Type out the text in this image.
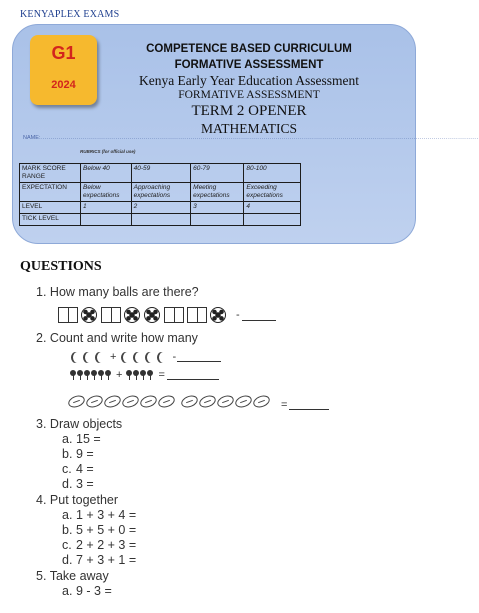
KENYAPLEX EXAMS
G1
2024
COMPETENCE BASED CURRICULUM
FORMATIVE ASSESSMENT
Kenya Early Year Education Assessment
FORMATIVE ASSESSMENT
TERM 2 OPENER
MATHEMATICS
NAME:........................................................................................................................................................................................................................
RUBRICS (for official use)
MARK SCORE RANGE	Below 40	40-59	60-79	80-100
EXPECTATION	Below expectations	Approaching expectations	Meeting expectations	Exceeding expectations
LEVEL	1	2	3	4
TICK LEVEL				
QUESTIONS
1. How many balls are there?
-
2. Count and write how many
+	-
+	=
=
3. Draw objects
a. 15 =
b. 9 =
c. 4 =
d. 3 =
4. Put together
a. 1 + 3 + 4 =
b. 5 + 5 + 0 =
c. 2 + 2 + 3 =
d. 7 + 3 + 1 =
5. Take away
a. 9 - 3 =
